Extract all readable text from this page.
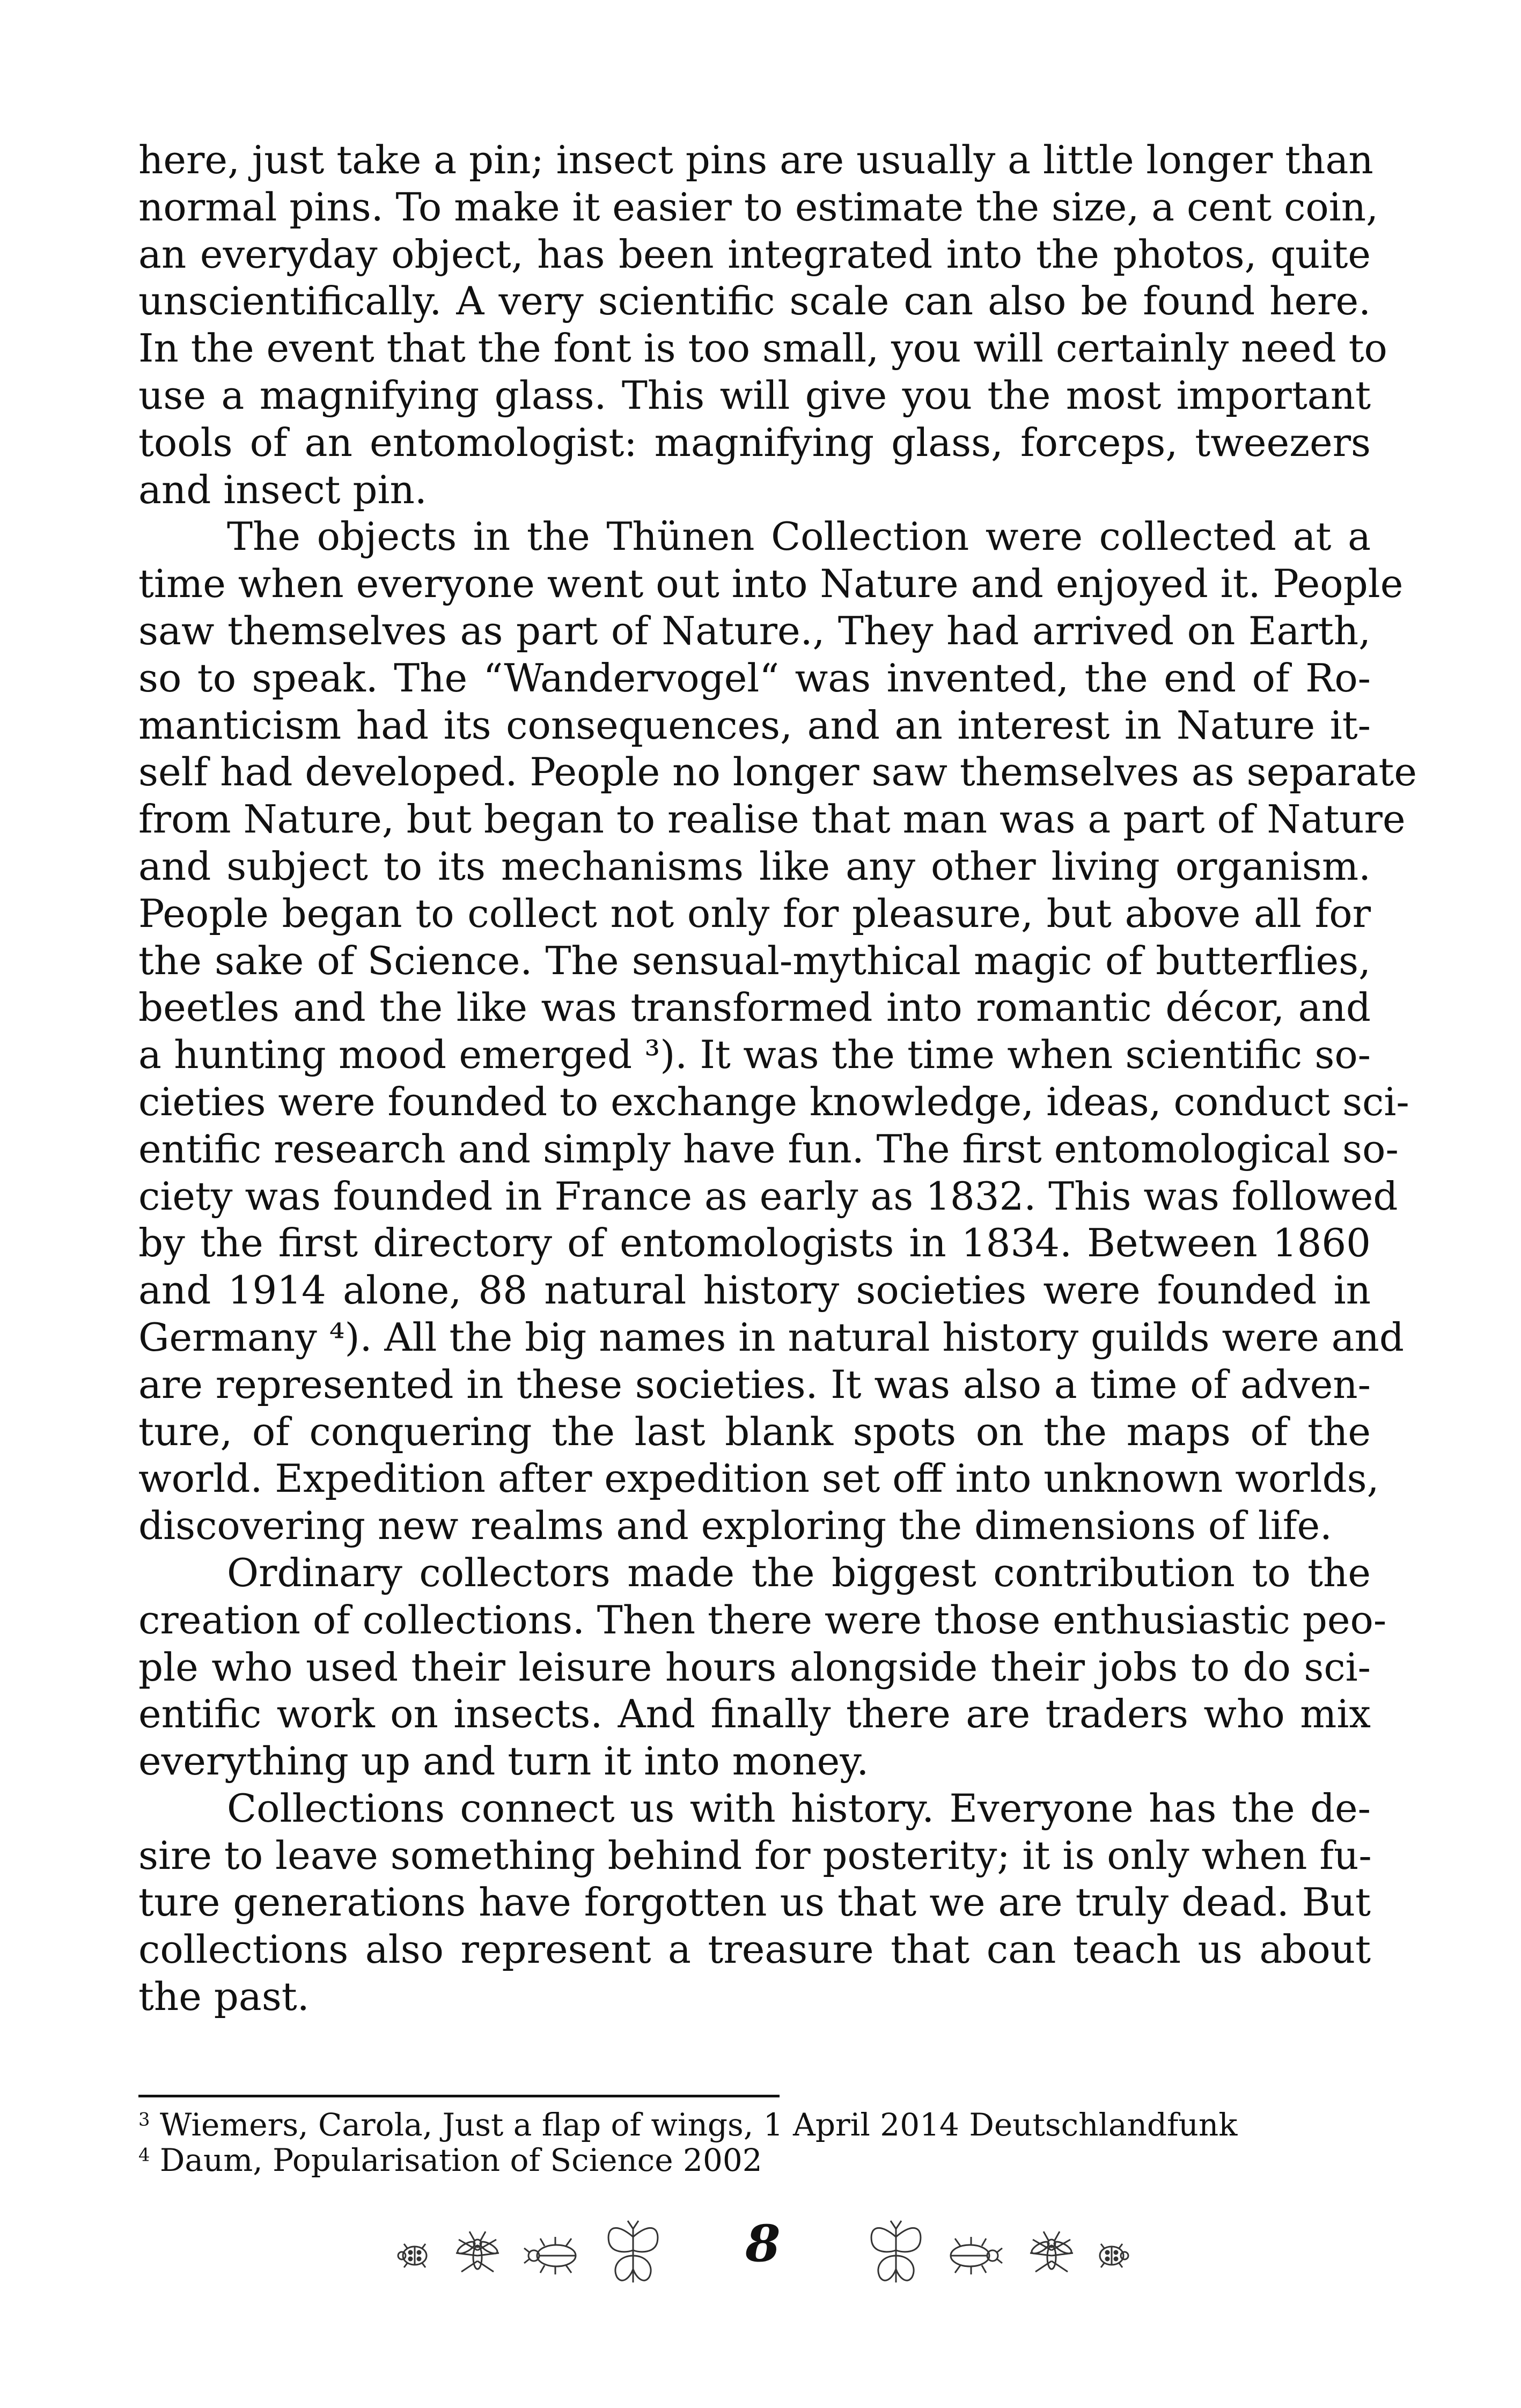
here, just take a pin; insect pins are usually a little longer than
normal pins. To make it easier to estimate the size, a cent coin,
an everyday object, has been integrated into the photos, quite
unscientifically. A very scientific scale can also be found here.
In the event that the font is too small, you will certainly need to
use a magnifying glass. This will give you the most important
tools of an entomologist: magnifying glass, forceps, tweezers
and insect pin.

The objects in the Thünen Collection were collected at a
time when everyone went out into Nature and enjoyed it. People
saw themselves as part of Nature., They had arrived on Earth,
so to speak. The “Wandervogel“ was invented, the end of Ro-
manticism had its consequences, and an interest in Nature it-
self had developed. People no longer saw themselves as separate
from Nature, but began to realise that man was a part of Nature
and subject to its mechanisms like any other living organism.
People began to collect not only for pleasure, but above all for
the sake of Science. The sensual-mythical magic of butterflies,
beetles and the like was transformed into romantic décor, and
a hunting mood emerged ³). It was the time when scientific so-
cieties were founded to exchange knowledge, ideas, conduct sci-
entific research and simply have fun. The first entomological so-
ciety was founded in France as early as 1832. This was followed
by the first directory of entomologists in 1834. Between 1860
and 1914 alone, 88 natural history societies were founded in
Germany ⁴). All the big names in natural history guilds were and
are represented in these societies. It was also a time of adven-
ture, of conquering the last blank spots on the maps of the
world. Expedition after expedition set off into unknown worlds,
discovering new realms and exploring the dimensions of life.

Ordinary collectors made the biggest contribution to the
creation of collections. Then there were those enthusiastic peo-
ple who used their leisure hours alongside their jobs to do sci-
entific work on insects. And finally there are traders who mix
everything up and turn it into money.

Collections connect us with history. Everyone has the de-
sire to leave something behind for posterity; it is only when fu-
ture generations have forgotten us that we are truly dead. But
collections also represent a treasure that can teach us about
the past.

$^3$ Wiemers, Carola, Just a flap of wings, 1 April 2014 Deutschlandfunk
$^4$ Daum, Popularisation of Science 2002
8
